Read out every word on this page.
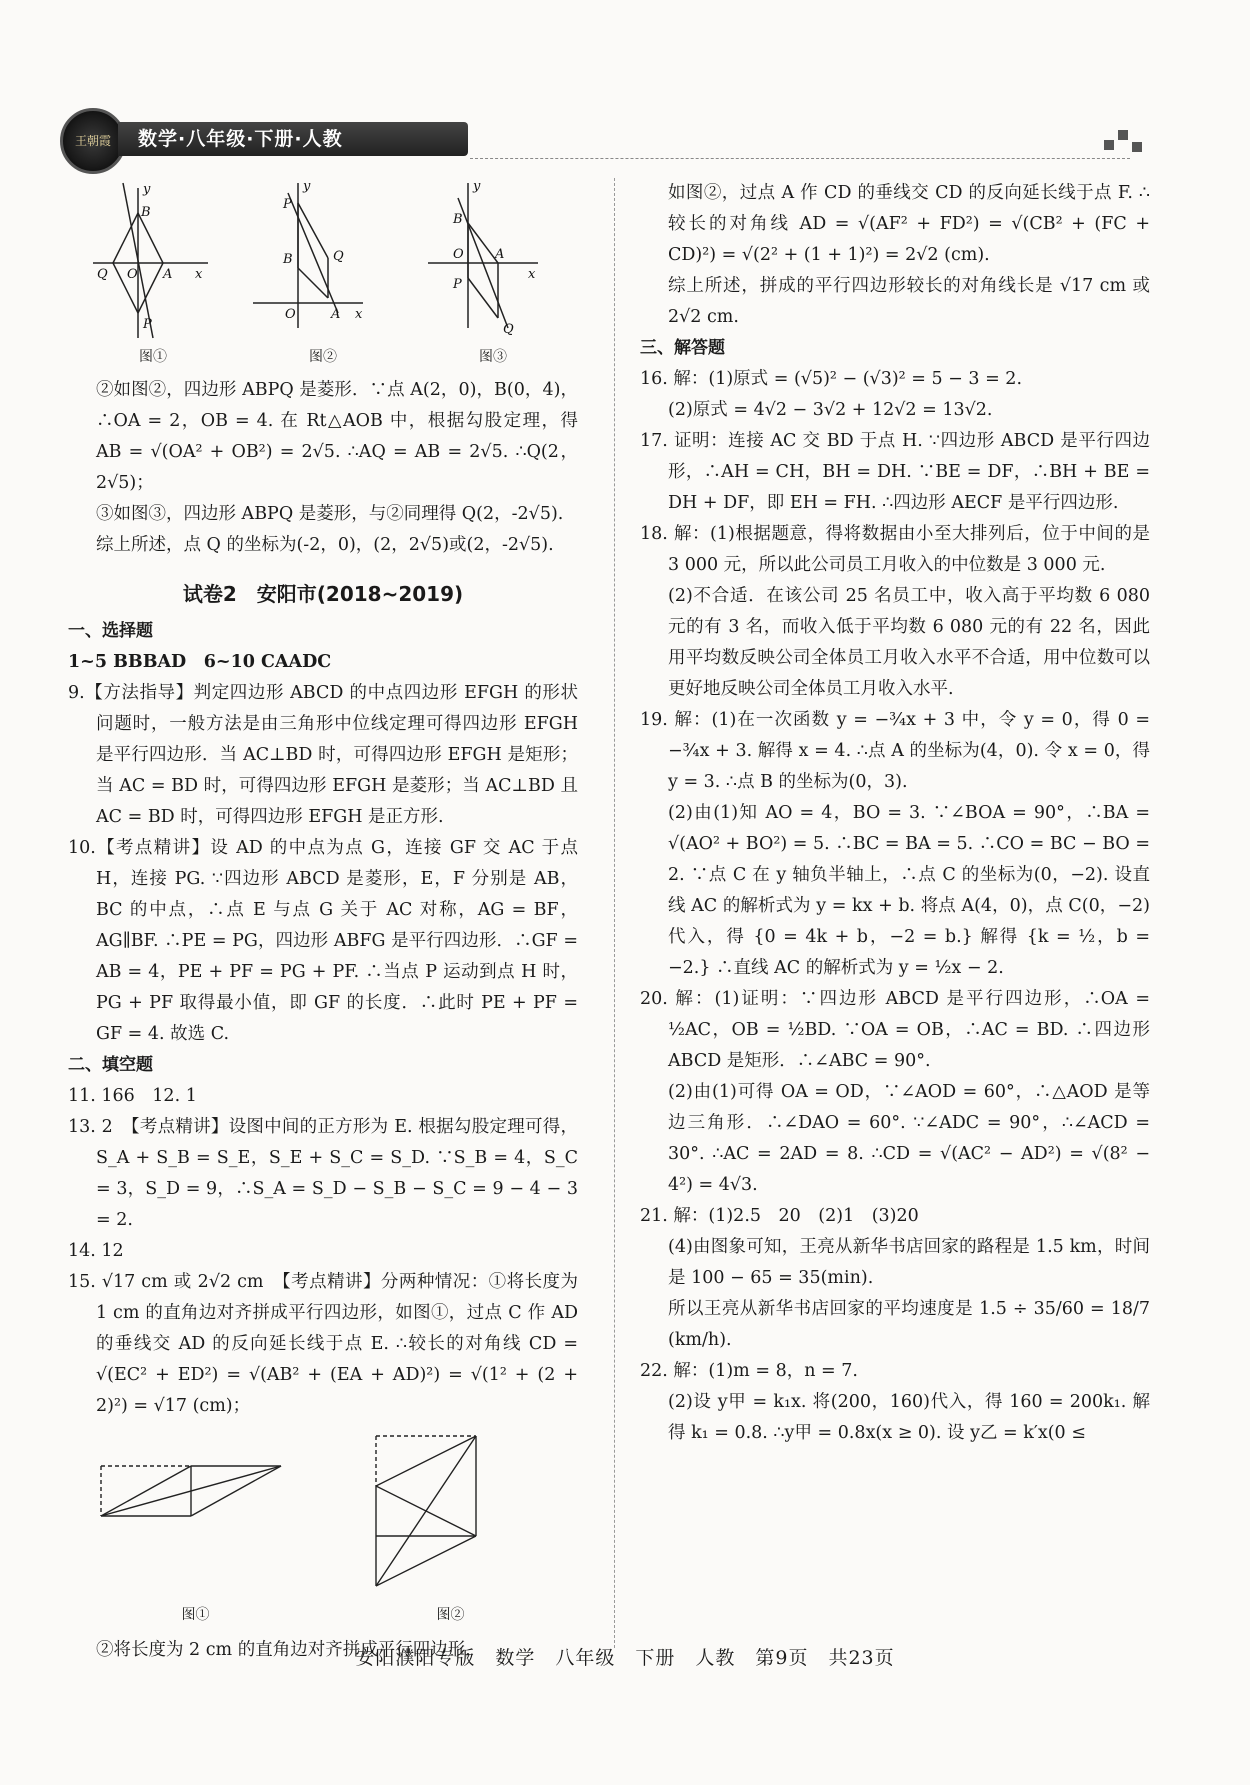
王朝霞	数学·八年级·下册·人教
y
B
Q O A x
P
图①
P
y
B	Q
O	A x
图②
y
B
O A
x
P
Q
图③

②如图②，四边形 ABPQ 是菱形．∵点 A(2，0)，B(0，4)，∴OA = 2，OB = 4. 在 Rt△AOB 中，根据勾股定理，得 AB = √(OA² + OB²) = 2√5. ∴AQ = AB = 2√5. ∴Q(2，2√5)；

③如图③，四边形 ABPQ 是菱形，与②同理得 Q(2，-2√5).

综上所述，点 Q 的坐标为(-2，0)，(2，2√5)或(2，-2√5).

试卷2　安阳市(2018~2019)
一、选择题

1~5 BBBAD　6~10 CAADC

9.【方法指导】判定四边形 ABCD 的中点四边形 EFGH 的形状问题时，一般方法是由三角形中位线定理可得四边形 EFGH 是平行四边形．当 AC⊥BD 时，可得四边形 EFGH 是矩形；当 AC = BD 时，可得四边形 EFGH 是菱形；当 AC⊥BD 且 AC = BD 时，可得四边形 EFGH 是正方形.

10.【考点精讲】设 AD 的中点为点 G，连接 GF 交 AC 于点 H，连接 PG. ∵四边形 ABCD 是菱形，E，F 分别是 AB，BC 的中点，∴点 E 与点 G 关于 AC 对称，AG = BF，AG∥BF. ∴PE = PG，四边形 ABFG 是平行四边形．∴GF = AB = 4，PE + PF = PG + PF. ∴当点 P 运动到点 H 时，PG + PF 取得最小值，即 GF 的长度．∴此时 PE + PF = GF = 4. 故选 C.

二、填空题

11. 166　12. 1

13. 2　【考点精讲】设图中间的正方形为 E. 根据勾股定理可得，S_A + S_B = S_E，S_E + S_C = S_D. ∵S_B = 4，S_C = 3，S_D = 9，∴S_A = S_D − S_B − S_C = 9 − 4 − 3 = 2.

14. 12

15. √17 cm 或 2√2 cm　【考点精讲】分两种情况：①将长度为 1 cm 的直角边对齐拼成平行四边形，如图①，过点 C 作 AD 的垂线交 AD 的反向延长线于点 E. ∴较长的对角线 CD = √(EC² + ED²) = √(AB² + (EA + AD)²) = √(1² + (2 + 2)²) = √17 (cm)；

图①	图②

②将长度为 2 cm 的直角边对齐拼成平行四边形，

如图②，过点 A 作 CD 的垂线交 CD 的反向延长线于点 F. ∴较长的对角线 AD = √(AF² + FD²) = √(CB² + (FC + CD)²) = √(2² + (1 + 1)²) = 2√2 (cm).

综上所述，拼成的平行四边形较长的对角线长是 √17 cm 或 2√2 cm.

三、解答题

16. 解：(1)原式 = (√5)² − (√3)² = 5 − 3 = 2.

(2)原式 = 4√2 − 3√2 + 12√2 = 13√2.

17. 证明：连接 AC 交 BD 于点 H. ∵四边形 ABCD 是平行四边形，∴AH = CH，BH = DH. ∵BE = DF，∴BH + BE = DH + DF，即 EH = FH. ∴四边形 AECF 是平行四边形.

18. 解：(1)根据题意，得将数据由小至大排列后，位于中间的是 3 000 元，所以此公司员工月收入的中位数是 3 000 元.

(2)不合适．在该公司 25 名员工中，收入高于平均数 6 080 元的有 3 名，而收入低于平均数 6 080 元的有 22 名，因此用平均数反映公司全体员工月收入水平不合适，用中位数可以更好地反映公司全体员工月收入水平.

19. 解：(1)在一次函数 y = −¾x + 3 中，令 y = 0，得 0 = −¾x + 3. 解得 x = 4. ∴点 A 的坐标为(4，0). 令 x = 0，得 y = 3. ∴点 B 的坐标为(0，3).

(2)由(1)知 AO = 4，BO = 3. ∵∠BOA = 90°，∴BA = √(AO² + BO²) = 5. ∴BC = BA = 5. ∴CO = BC − BO = 2. ∵点 C 在 y 轴负半轴上，∴点 C 的坐标为(0，−2). 设直线 AC 的解析式为 y = kx + b. 将点 A(4，0)，点 C(0，−2)代入，得 {0 = 4k + b，−2 = b.} 解得 {k = ½，b = −2.} ∴直线 AC 的解析式为 y = ½x − 2.

20. 解：(1)证明：∵四边形 ABCD 是平行四边形，∴OA = ½AC，OB = ½BD. ∵OA = OB，∴AC = BD. ∴四边形 ABCD 是矩形．∴∠ABC = 90°.

(2)由(1)可得 OA = OD，∵∠AOD = 60°，∴△AOD 是等边三角形．∴∠DAO = 60°. ∵∠ADC = 90°，∴∠ACD = 30°. ∴AC = 2AD = 8. ∴CD = √(AC² − AD²) = √(8² − 4²) = 4√3.

21. 解：(1)2.5　20　(2)1　(3)20

(4)由图象可知，王亮从新华书店回家的路程是 1.5 km，时间是 100 − 65 = 35(min).

所以王亮从新华书店回家的平均速度是 1.5 ÷ 35/60 = 18/7 (km/h).

22. 解：(1)m = 8，n = 7.

(2)设 y甲 = k₁x. 将(200，160)代入，得 160 = 200k₁. 解得 k₁ = 0.8. ∴y甲 = 0.8x(x ≥ 0). 设 y乙 = k′x(0 ≤

安阳濮阳专版　数学　八年级　下册　人教　第9页　共23页
